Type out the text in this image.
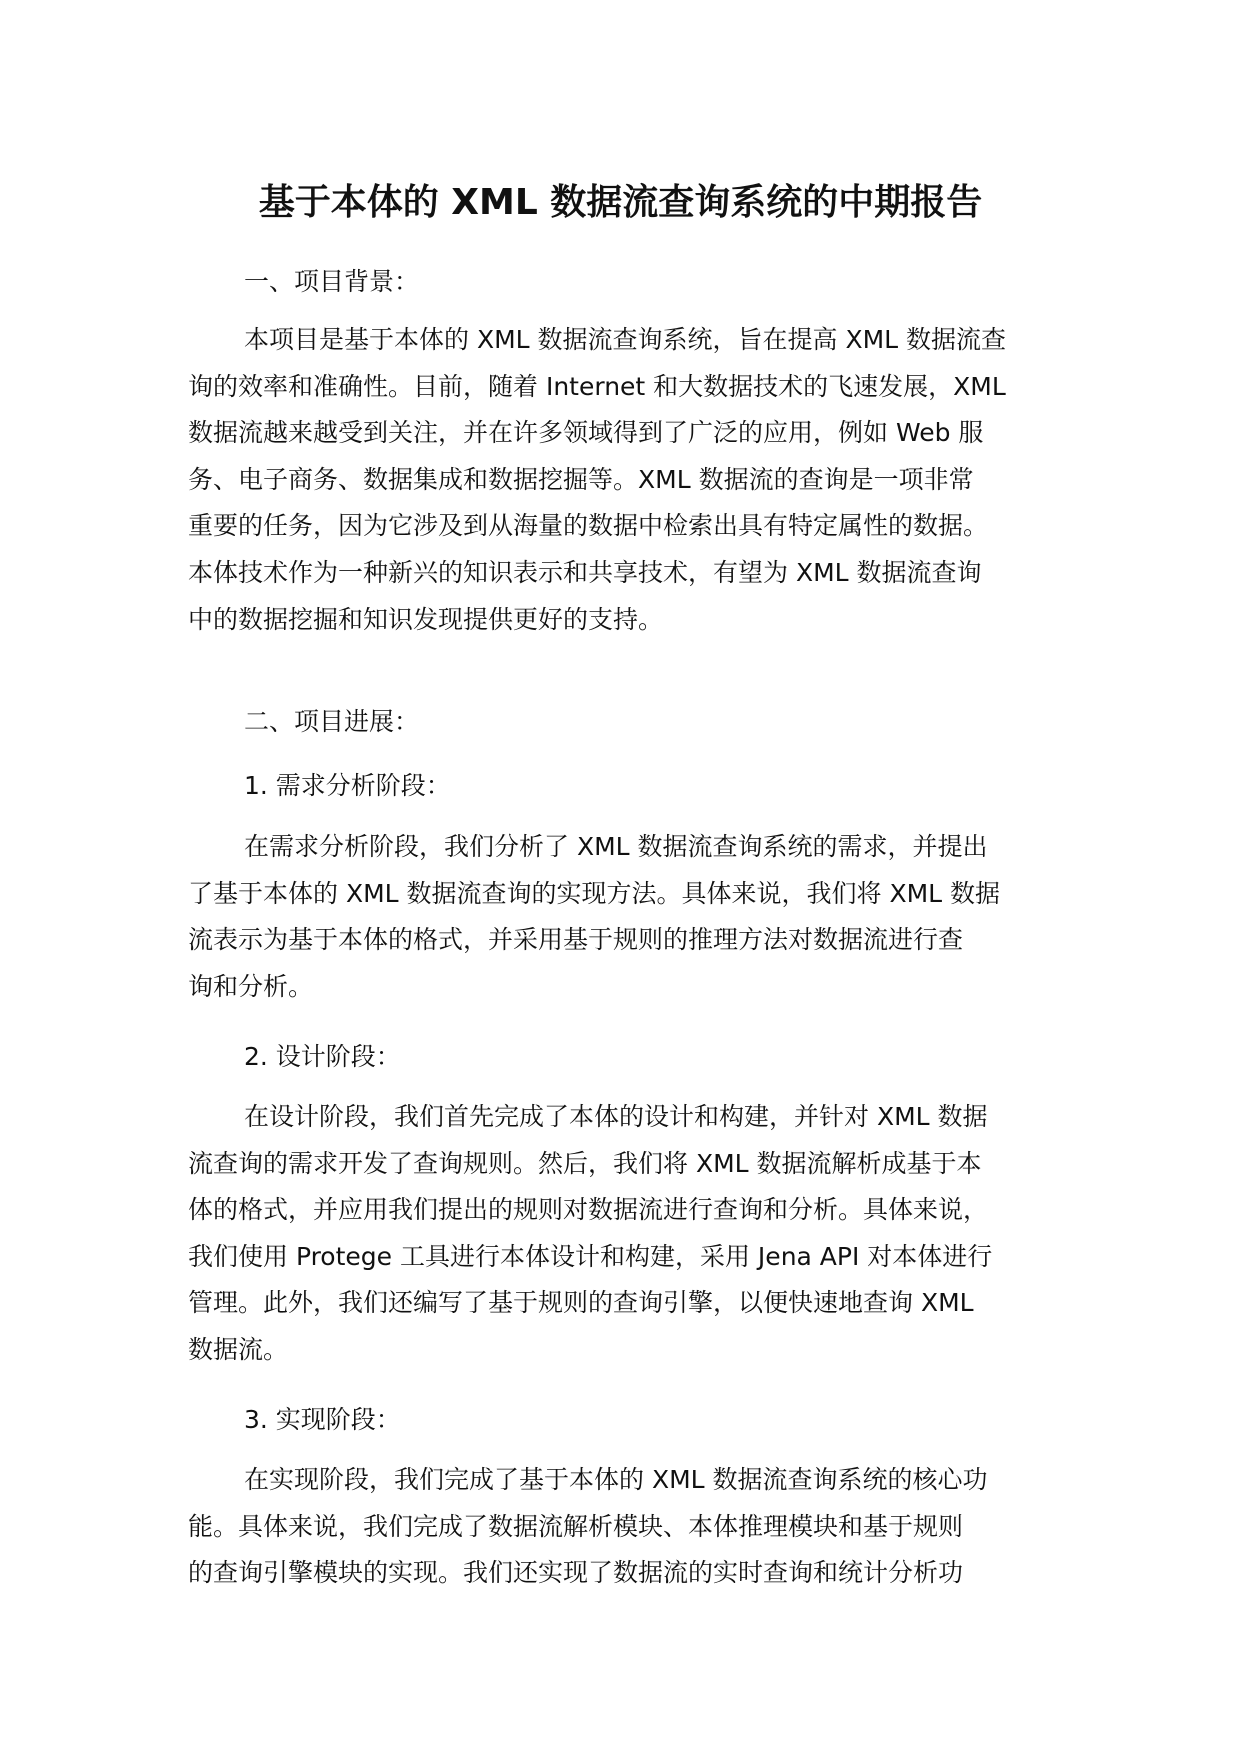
基于本体的 XML 数据流查询系统的中期报告

一、项目背景：

本项目是基于本体的 XML 数据流查询系统，旨在提高 XML 数据流查
询的效率和准确性。目前，随着 Internet 和大数据技术的飞速发展，XML
数据流越来越受到关注，并在许多领域得到了广泛的应用，例如 Web 服
务、电子商务、数据集成和数据挖掘等。XML 数据流的查询是一项非常
重要的任务，因为它涉及到从海量的数据中检索出具有特定属性的数据。
本体技术作为一种新兴的知识表示和共享技术，有望为 XML 数据流查询
中的数据挖掘和知识发现提供更好的支持。

二、项目进展：

1. 需求分析阶段：

在需求分析阶段，我们分析了 XML 数据流查询系统的需求，并提出
了基于本体的 XML 数据流查询的实现方法。具体来说，我们将 XML 数据
流表示为基于本体的格式，并采用基于规则的推理方法对数据流进行查
询和分析。

2. 设计阶段：

在设计阶段，我们首先完成了本体的设计和构建，并针对 XML 数据
流查询的需求开发了查询规则。然后，我们将 XML 数据流解析成基于本
体的格式，并应用我们提出的规则对数据流进行查询和分析。具体来说，
我们使用 Protege 工具进行本体设计和构建，采用 Jena API 对本体进行
管理。此外，我们还编写了基于规则的查询引擎，以便快速地查询 XML
数据流。

3. 实现阶段：

在实现阶段，我们完成了基于本体的 XML 数据流查询系统的核心功
能。具体来说，我们完成了数据流解析模块、本体推理模块和基于规则
的查询引擎模块的实现。我们还实现了数据流的实时查询和统计分析功
